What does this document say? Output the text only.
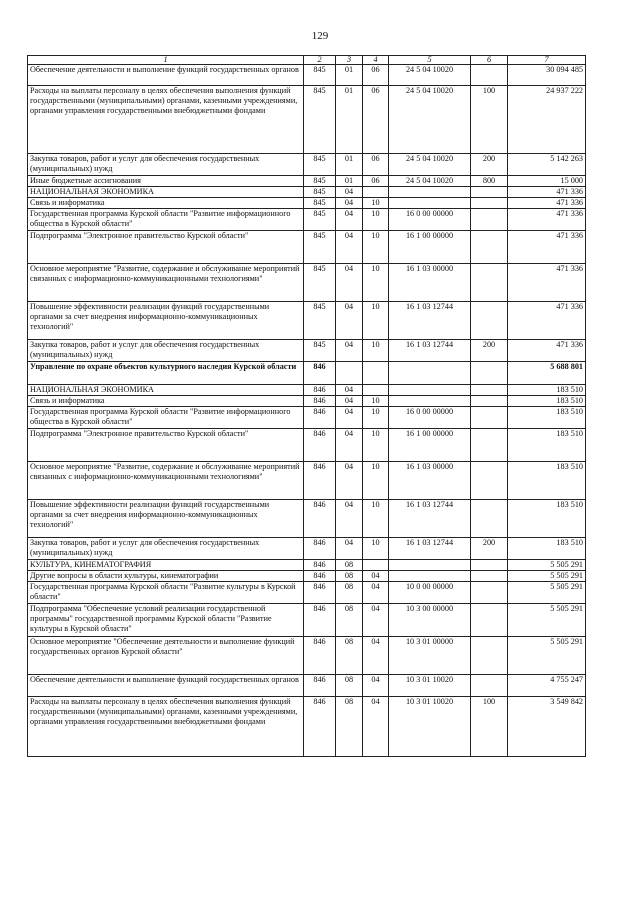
129
1	2	3	4	5	6	7
Обеспечение деятельности и выполнение функций государственных органов	845	01	06	24 5 04 10020		30 094 485
Расходы на выплаты персоналу в целях обеспечения выполнения функций государственными (муниципальными) органами, казенными учреждениями, органами управления государственными внебюджетными фондами	845	01	06	24 5 04 10020	100	24 937 222
Закупка товаров, работ и услуг для обеспечения государственных (муниципальных) нужд	845	01	06	24 5 04 10020	200	5 142 263
Иные бюджетные ассигнования	845	01	06	24 5 04 10020	800	15 000
НАЦИОНАЛЬНАЯ ЭКОНОМИКА	845	04				471 336
Связь и информатика	845	04	10			471 336
Государственная программа Курской области "Развитие информационного общества в Курской области"	845	04	10	16 0 00 00000		471 336
Подпрограмма "Электронное правительство Курской области"	845	04	10	16 1 00 00000		471 336
Основное мероприятие "Развитие, содержание и обслуживание мероприятий связанных с информационно-коммуникационными технологиями"	845	04	10	16 1 03 00000		471 336
Повышение эффективности реализации функций государственными органами за счет внедрения информационно-коммуникационных технологий"	845	04	10	16 1 03 12744		471 336
Закупка товаров, работ и услуг для обеспечения государственных (муниципальных) нужд	845	04	10	16 1 03 12744	200	471 336
Управление по охране объектов культурного наследия Курской области	846					5 688 801
НАЦИОНАЛЬНАЯ ЭКОНОМИКА	846	04				183 510
Связь и информатика	846	04	10			183 510
Государственная программа Курской области "Развитие информационного общества в Курской области"	846	04	10	16 0 00 00000		183 510
Подпрограмма "Электронное правительство Курской области"	846	04	10	16 1 00 00000		183 510
Основное мероприятие "Развитие, содержание и обслуживание мероприятий связанных с информационно-коммуникационными технологиями"	846	04	10	16 1 03 00000		183 510
Повышение эффективности реализации функций государственными органами за счет внедрения информационно-коммуникационных технологий"	846	04	10	16 1 03 12744		183 510
Закупка товаров, работ и услуг для обеспечения государственных (муниципальных) нужд	846	04	10	16 1 03 12744	200	183 510
КУЛЬТУРА, КИНЕМАТОГРАФИЯ	846	08				5 505 291
Другие вопросы в области культуры, кинематографии	846	08	04			5 505 291
Государственная программа Курской области "Развитие культуры в Курской области"	846	08	04	10 0 00 00000		5 505 291
Подпрограмма "Обеспечение условий реализации государственной программы" государственной программы Курской области "Развитие культуры в Курской области"	846	08	04	10 3 00 00000		5 505 291
Основное мероприятие "Обеспечение деятельности и выполнение функций государственных органов Курской области"	846	08	04	10 3 01 00000		5 505 291
Обеспечение деятельности и выполнение функций государственных органов	846	08	04	10 3 01 10020		4 755 247
Расходы на выплаты персоналу в целях обеспечения выполнения функций государственными (муниципальными) органами, казенными учреждениями, органами управления государственными внебюджетными фондами	846	08	04	10 3 01 10020	100	3 549 842
